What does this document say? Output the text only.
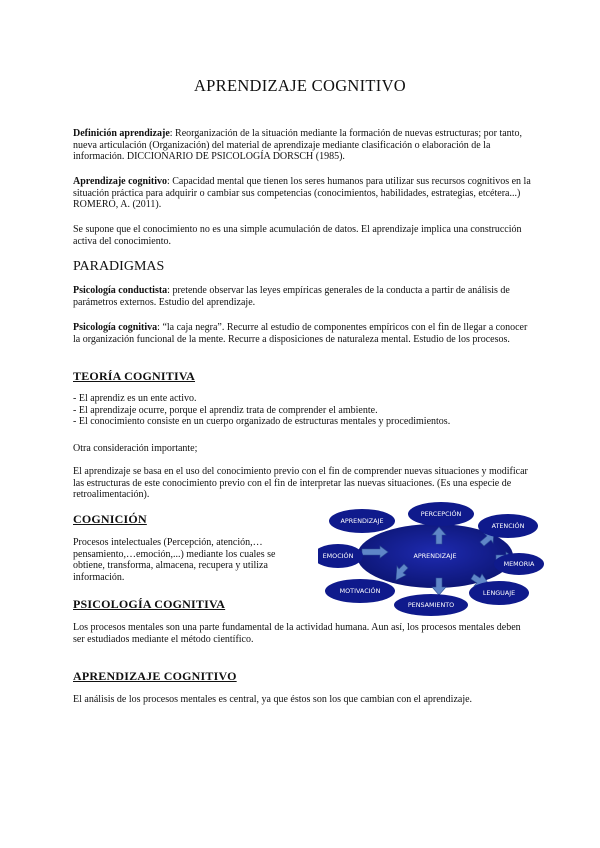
APRENDIZAJE COGNITIVO

Definición aprendizaje: Reorganización de la situación mediante la formación de nuevas estructuras; por tanto, nueva articulación (Organización) del material de aprendizaje mediante clasificación o elaboración de la información. DICCIONARIO DE PSICOLOGÍA DORSCH (1985).

Aprendizaje cognitivo: Capacidad mental que tienen los seres humanos para utilizar sus recursos cognitivos en la situación práctica para adquirir o cambiar sus competencias (conocimientos, habilidades, estrategias, etcétera...) ROMERO, A. (2011).

Se supone que el conocimiento no es una simple acumulación de datos. El aprendizaje implica una construcción activa del conocimiento.

PARADIGMAS

Psicología conductista: pretende observar las leyes empíricas generales de la conducta a partir de análisis de parámetros externos. Estudio del aprendizaje.

Psicología cognitiva: “la caja negra”. Recurre al estudio de componentes empíricos con el fin de llegar a conocer la organización funcional de la mente. Recurre a disposiciones de naturaleza mental. Estudio de los procesos.

TEORÍA COGNITIVA
- El aprendiz es un ente activo.
- El aprendizaje ocurre, porque el aprendiz trata de comprender el ambiente.
- El conocimiento consiste en un cuerpo organizado de estructuras mentales y procedimientos.

Otra consideración importante;

El aprendizaje se basa en el uso del conocimiento previo con el fin de comprender nuevas situaciones y modificar las estructuras de este conocimiento previo con el fin de interpretar las nuevas situaciones. (Es una especie de retroalimentación).

COGNICIÓN

Procesos intelectuales (Percepción, atención,… pensamiento,…emoción,...) mediante los cuales se obtiene, transforma, almacena, recupera y utiliza información.

APRENDIZAJE
APRENDIZAJE
PERCEPCIÓN
ATENCIÓN
EMOCIÓN
MEMORIA
MOTIVACIÓN	LENGUAJE
PENSAMIENTO
PSICOLOGÍA COGNITIVA

Los procesos mentales son una parte fundamental de la actividad humana. Aun así, los procesos mentales deben ser estudiados mediante el método científico.

APRENDIZAJE COGNITIVO

El análisis de los procesos mentales es central, ya que éstos son los que cambian con el aprendizaje.
